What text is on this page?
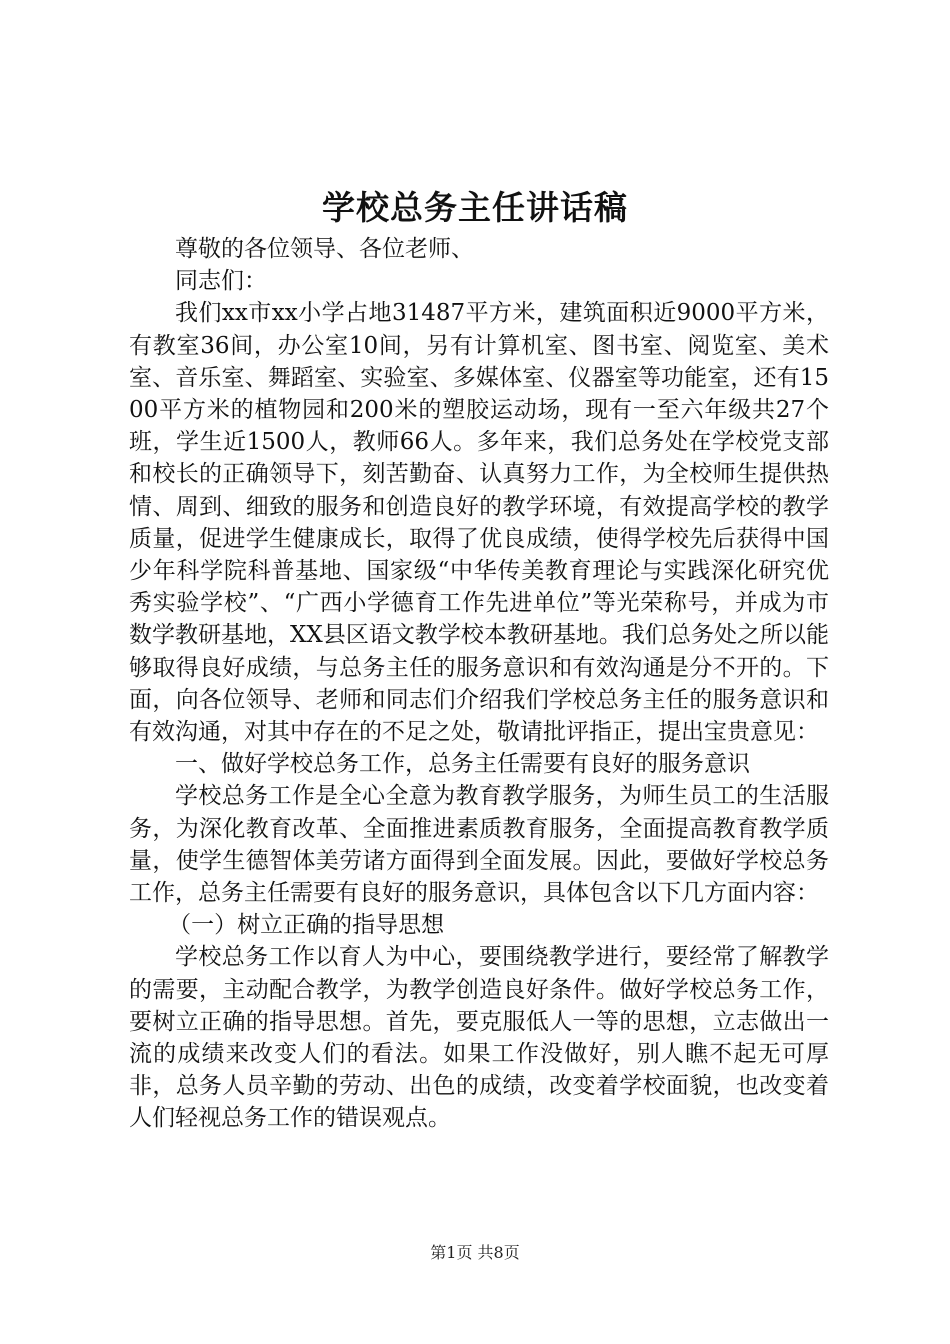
学校总务主任讲话稿

尊敬的各位领导、各位老师、

同志们：

我们xx市xx小学占地31487平方米，建筑面积近9000平方米，有教室36间，办公室10间，另有计算机室、图书室、阅览室、美术室、音乐室、舞蹈室、实验室、多媒体室、仪器室等功能室，还有1500平方米的植物园和200米的塑胶运动场，现有一至六年级共27个班，学生近1500人，教师66人。多年来，我们总务处在学校党支部和校长的正确领导下，刻苦勤奋、认真努力工作，为全校师生提供热情、周到、细致的服务和创造良好的教学环境，有效提高学校的教学质量，促进学生健康成长，取得了优良成绩，使得学校先后获得中国少年科学院科普基地、国家级“中华传美教育理论与实践深化研究优秀实验学校”、“广西小学德育工作先进单位”等光荣称号，并成为市数学教研基地，XX县区语文教学校本教研基地。我们总务处之所以能够取得良好成绩，与总务主任的服务意识和有效沟通是分不开的。下面，向各位领导、老师和同志们介绍我们学校总务主任的服务意识和有效沟通，对其中存在的不足之处，敬请批评指正，提出宝贵意见：

一、做好学校总务工作，总务主任需要有良好的服务意识

学校总务工作是全心全意为教育教学服务，为师生员工的生活服务，为深化教育改革、全面推进素质教育服务，全面提高教育教学质量，使学生德智体美劳诸方面得到全面发展。因此，要做好学校总务工作，总务主任需要有良好的服务意识，具体包含以下几方面内容：

（一）树立正确的指导思想

学校总务工作以育人为中心，要围绕教学进行，要经常了解教学的需要，主动配合教学，为教学创造良好条件。做好学校总务工作，要树立正确的指导思想。首先，要克服低人一等的思想，立志做出一流的成绩来改变人们的看法。如果工作没做好，别人瞧不起无可厚非，总务人员辛勤的劳动、出色的成绩，改变着学校面貌，也改变着人们轻视总务工作的错误观点。

第1页 共8页
